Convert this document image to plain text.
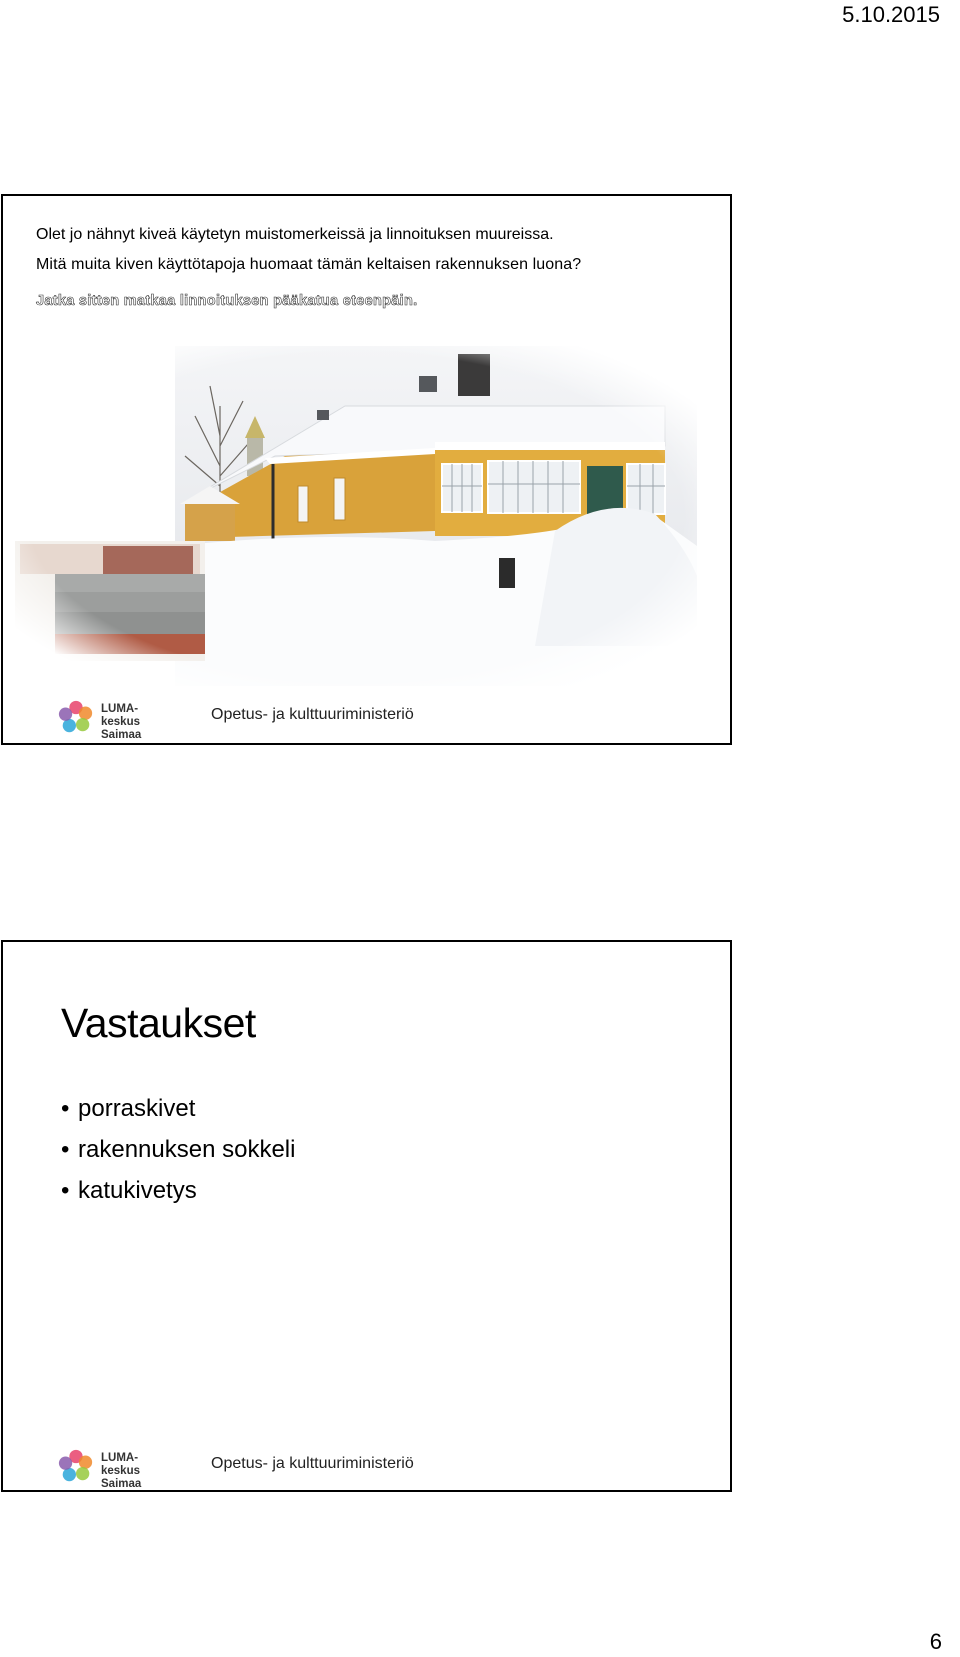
5.10.2015
Olet jo nähnyt kiveä käytetyn muistomerkeissä ja linnoituksen muureissa.
Mitä muita kiven käyttötapoja huomaat tämän keltaisen rakennuksen luona?
Jatka sitten matkaa linnoituksen pääkatua eteenpäin.
LUMA-keskus
Saimaa
Opetus- ja kulttuuriministeriö
Vastaukset
• porraskivet
• rakennuksen sokkeli
• katukivetys
LUMA-keskus
Saimaa
Opetus- ja kulttuuriministeriö
6
